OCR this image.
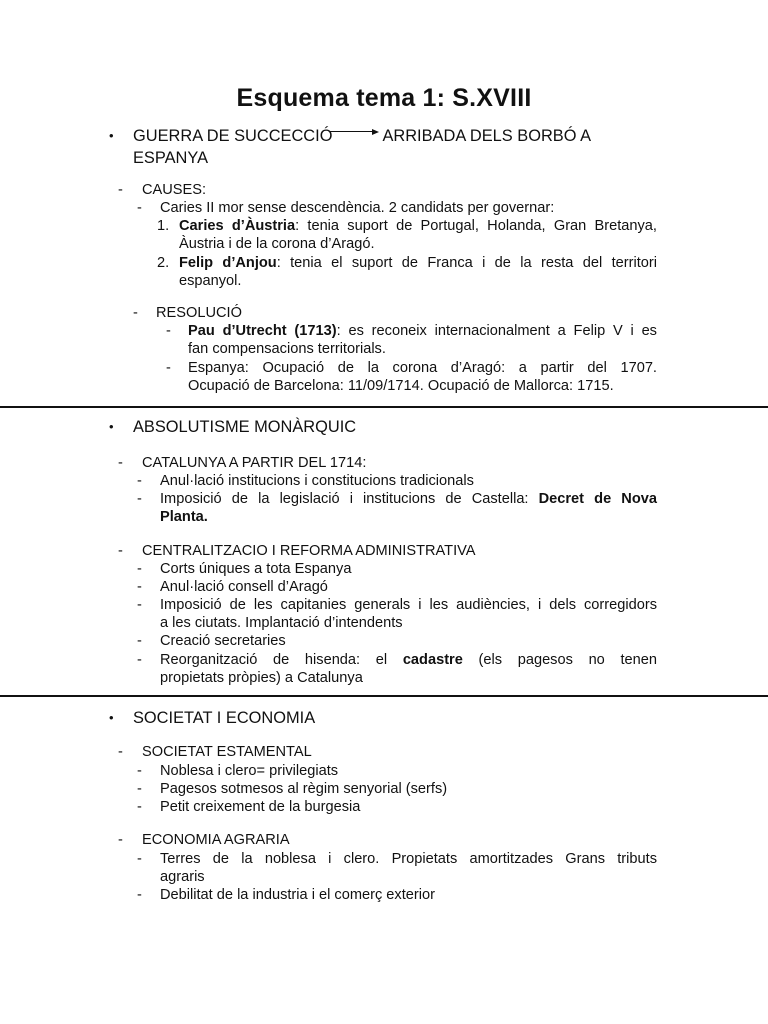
Esquema tema 1: S.XVIII
• GUERRA DE SUCCECCIÓ	ARRIBADA DELS BORBÓ A
ESPANYA
- CAUSES:
- Caries II mor sense descendència. 2 candidats per governar:
1. Caries d’Àustria: tenia suport de Portugal, Holanda, Gran Bretanya,
Àustria i de la corona d’Aragó.
2. Felip d’Anjou: tenia el suport de Franca i de la resta del territori
espanyol.
- RESOLUCIÓ
- Pau d’Utrecht (1713): es reconeix internacionalment a Felip V i es
fan compensacions territorials.
- Espanya: Ocupació de la corona d’Aragó: a partir del 1707.
Ocupació de Barcelona: 11/09/1714. Ocupació de Mallorca: 1715.
• ABSOLUTISME MONÀRQUIC
- CATALUNYA A PARTIR DEL 1714:
- Anul·lació institucions i constitucions tradicionals
- Imposició de la legislació i institucions de Castella: Decret de Nova
Planta.
- CENTRALITZACIO I REFORMA ADMINISTRATIVA
- Corts úniques a tota Espanya
- Anul·lació consell d’Aragó
- Imposició de les capitanies generals i les audiències, i dels corregidors
a les ciutats. Implantació d’intendents
- Creació secretaries
- Reorganització de hisenda: el cadastre (els pagesos no tenen
propietats pròpies) a Catalunya
• SOCIETAT I ECONOMIA
- SOCIETAT ESTAMENTAL
- Noblesa i clero= privilegiats
- Pagesos sotmesos al règim senyorial (serfs)
- Petit creixement de la burgesia
- ECONOMIA AGRARIA
- Terres de la noblesa i clero. Propietats amortitzades Grans tributs
agraris
- Debilitat de la industria i el comerç exterior
